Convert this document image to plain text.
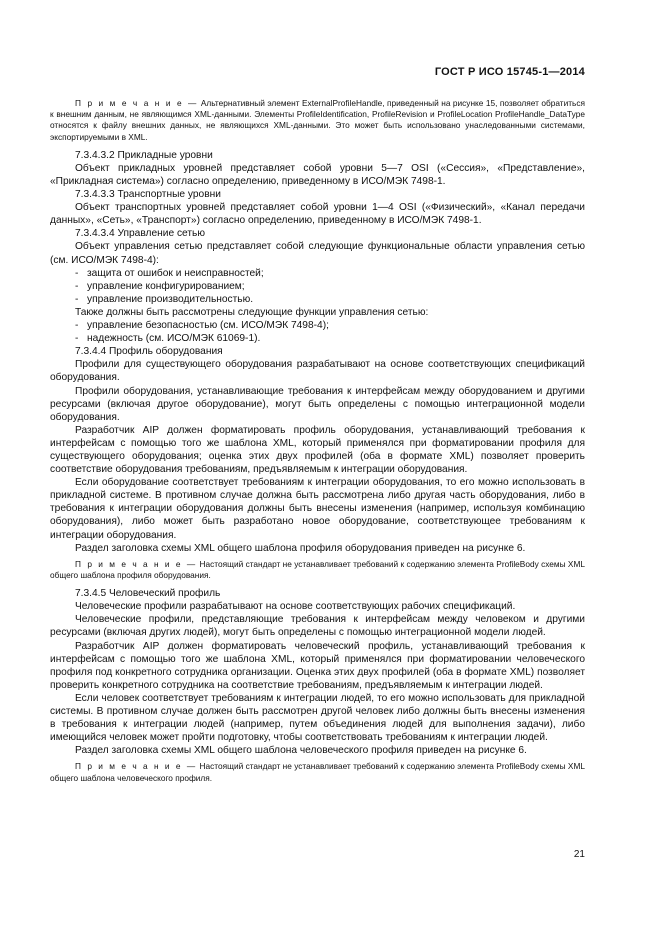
ГОСТ Р ИСО 15745-1—2014

П р и м е ч а н и е — Альтернативный элемент ExternalProfileHandle, приведенный на рисунке 15, позволяет обратиться к внешним данным, не являющимся XML-данными. Элементы ProfileIdentification, ProfileRevision и ProfileLocation ProfileHandle_DataType относятся к файлу внешних данных, не являющихся XML-данными. Это может быть использовано унаследованными системами, экспортируемыми в XML.

7.3.4.3.2 Прикладные уровни

Объект прикладных уровней представляет собой уровни 5—7 OSI («Сессия», «Представление», «Прикладная система») согласно определению, приведенному в ИСО/МЭК 7498-1.

7.3.4.3.3 Транспортные уровни

Объект транспортных уровней представляет собой уровни 1—4 OSI («Физический», «Канал передачи данных», «Сеть», «Транспорт») согласно определению, приведенному в ИСО/МЭК 7498-1.

7.3.4.3.4 Управление сетью

Объект управления сетью представляет собой следующие функциональные области управления сетью (см. ИСО/МЭК 7498-4):

- защита от ошибок и неисправностей;

- управление конфигурированием;

- управление производительностью.

Также должны быть рассмотрены следующие функции управления сетью:

- управление безопасностью (см. ИСО/МЭК 7498-4);

- надежность (см. ИСО/МЭК 61069-1).

7.3.4.4 Профиль оборудования

Профили для существующего оборудования разрабатывают на основе соответствующих спецификаций оборудования.

Профили оборудования, устанавливающие требования к интерфейсам между оборудованием и другими ресурсами (включая другое оборудование), могут быть определены с помощью интеграционной модели оборудования.

Разработчик AIP должен форматировать профиль оборудования, устанавливающий требования к интерфейсам с помощью того же шаблона XML, который применялся при форматировании профиля для существующего оборудования; оценка этих двух профилей (оба в формате XML) позволяет проверить соответствие оборудования требованиям, предъявляемым к интеграции оборудования.

Если оборудование соответствует требованиям к интеграции оборудования, то его можно использовать в прикладной системе. В противном случае должна быть рассмотрена либо другая часть оборудования, либо в требования к интеграции оборудования должны быть внесены изменения (например, используя комбинацию оборудования), либо может быть разработано новое оборудование, соответствующее требованиям к интеграции оборудования.

Раздел заголовка схемы XML общего шаблона профиля оборудования приведен на рисунке 6.

П р и м е ч а н и е — Настоящий стандарт не устанавливает требований к содержанию элемента ProfileBody схемы XML общего шаблона профиля оборудования.

7.3.4.5 Человеческий профиль

Человеческие профили разрабатывают на основе соответствующих рабочих спецификаций.

Человеческие профили, представляющие требования к интерфейсам между человеком и другими ресурсами (включая других людей), могут быть определены с помощью интеграционной модели людей.

Разработчик AIP должен форматировать человеческий профиль, устанавливающий требования к интерфейсам с помощью того же шаблона XML, который применялся при форматировании человеческого профиля под конкретного сотрудника организации. Оценка этих двух профилей (оба в формате XML) позволяет проверить конкретного сотрудника на соответствие требованиям, предъявляемым к интеграции людей.

Если человек соответствует требованиям к интеграции людей, то его можно использовать для прикладной системы. В противном случае должен быть рассмотрен другой человек либо должны быть внесены изменения в требования к интеграции людей (например, путем объединения людей для выполнения задачи), либо имеющийся человек может пройти подготовку, чтобы соответствовать требованиям к интеграции людей.

Раздел заголовка схемы XML общего шаблона человеческого профиля приведен на рисунке 6.

П р и м е ч а н и е — Настоящий стандарт не устанавливает требований к содержанию элемента ProfileBody схемы XML общего шаблона человеческого профиля.

21
